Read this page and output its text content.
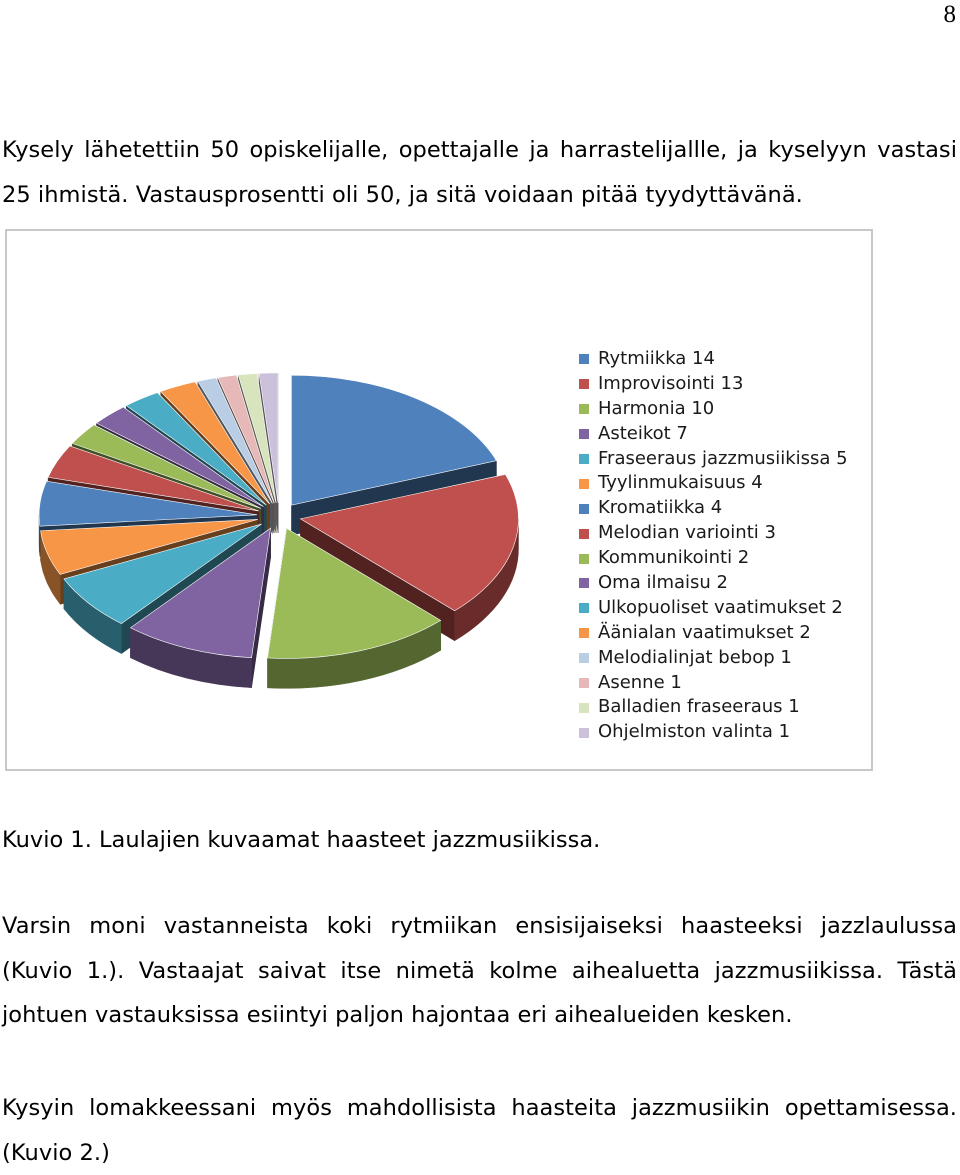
8

Kysely lähetettiin 50 opiskelijalle, opettajalle ja harrastelijallle, ja kyselyyn vastasi 25 ihmistä. Vastausprosentti oli 50, ja sitä voidaan pitää tyydyttävänä.

Rytmiikka 14
Improvisointi 13
Harmonia 10
Asteikot 7
Fraseeraus jazzmusiikissa 5
Tyylinmukaisuus 4
Kromatiikka 4
Melodian variointi 3
Kommunikointi 2
Oma ilmaisu 2
Ulkopuoliset vaatimukset 2
Äänialan vaatimukset 2
Melodialinjat bebop 1
Asenne 1
Balladien fraseeraus 1
Ohjelmiston valinta 1
Kuvio 1. Laulajien kuvaamat haasteet jazzmusiikissa.

Varsin moni vastanneista koki rytmiikan ensisijaiseksi haasteeksi jazzlaulussa (Kuvio 1.). Vastaajat saivat itse nimetä kolme aihealuetta jazzmusiikissa. Tästä johtuen vastauksissa esiintyi paljon hajontaa eri aihealueiden kesken.

Kysyin lomakkeessani myös mahdollisista haasteita jazzmusiikin opettamisessa.(Kuvio 2.)
